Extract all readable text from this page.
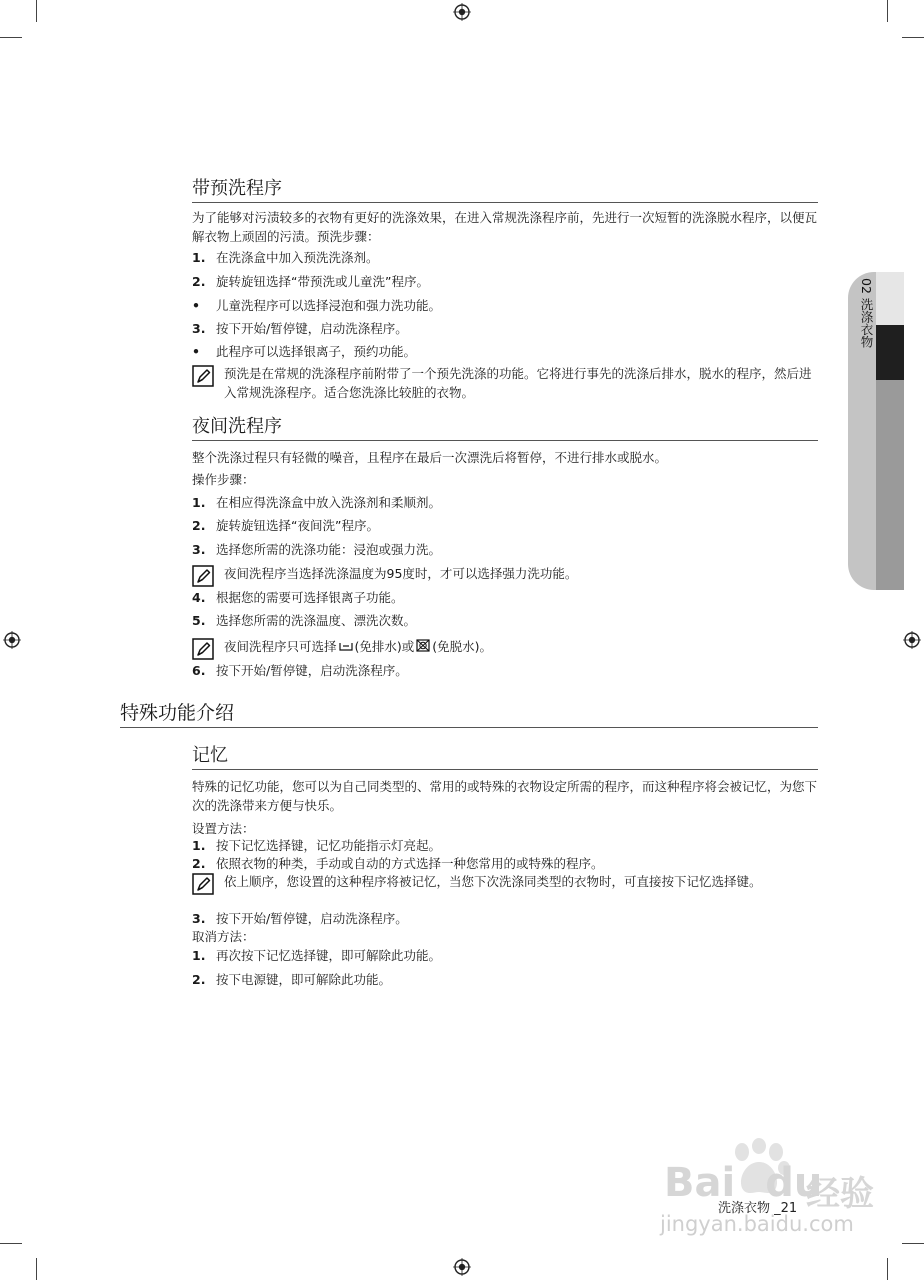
02 洗涤衣物
带预洗程序
为了能够对污渍较多的衣物有更好的洗涤效果，在进入常规洗涤程序前，先进行一次短暂的洗涤脱水程序，以便瓦解衣物上顽固的污渍。预洗步骤：
1. 在洗涤盒中加入预洗洗涤剂。
2. 旋转旋钮选择“带预洗或儿童洗”程序。
• 儿童洗程序可以选择浸泡和强力洗功能。
3. 按下开始/暂停键，启动洗涤程序。
• 此程序可以选择银离子，预约功能。
预洗是在常规的洗涤程序前附带了一个预先洗涤的功能。它将进行事先的洗涤后排水，脱水的程序，然后进入常规洗涤程序。适合您洗涤比较脏的衣物。
夜间洗程序
整个洗涤过程只有轻微的噪音，且程序在最后一次漂洗后将暂停，不进行排水或脱水。
操作步骤：
1. 在相应得洗涤盒中放入洗涤剂和柔顺剂。
2. 旋转旋钮选择“夜间洗”程序。
3. 选择您所需的洗涤功能：浸泡或强力洗。
夜间洗程序当选择洗涤温度为95度时，才可以选择强力洗功能。
4. 根据您的需要可选择银离子功能。
5. 选择您所需的洗涤温度、漂洗次数。
夜间洗程序只可选择 (免排水)或 (免脱水)。
6. 按下开始/暂停键，启动洗涤程序。
特殊功能介绍
记忆
特殊的记忆功能，您可以为自己同类型的、常用的或特殊的衣物设定所需的程序，而这种程序将会被记忆，为您下次的洗涤带来方便与快乐。
设置方法：
1. 按下记忆选择键，记忆功能指示灯亮起。
2. 依照衣物的种类，手动或自动的方式选择一种您常用的或特殊的程序。
依上顺序，您设置的这种程序将被记忆，当您下次洗涤同类型的衣物时，可直接按下记忆选择键。
3. 按下开始/暂停键，启动洗涤程序。
取消方法：
1. 再次按下记忆选择键，即可解除此功能。
2. 按下电源键，即可解除此功能。
洗涤衣物 _21
Bai du
经验
jingyan.baidu.com
